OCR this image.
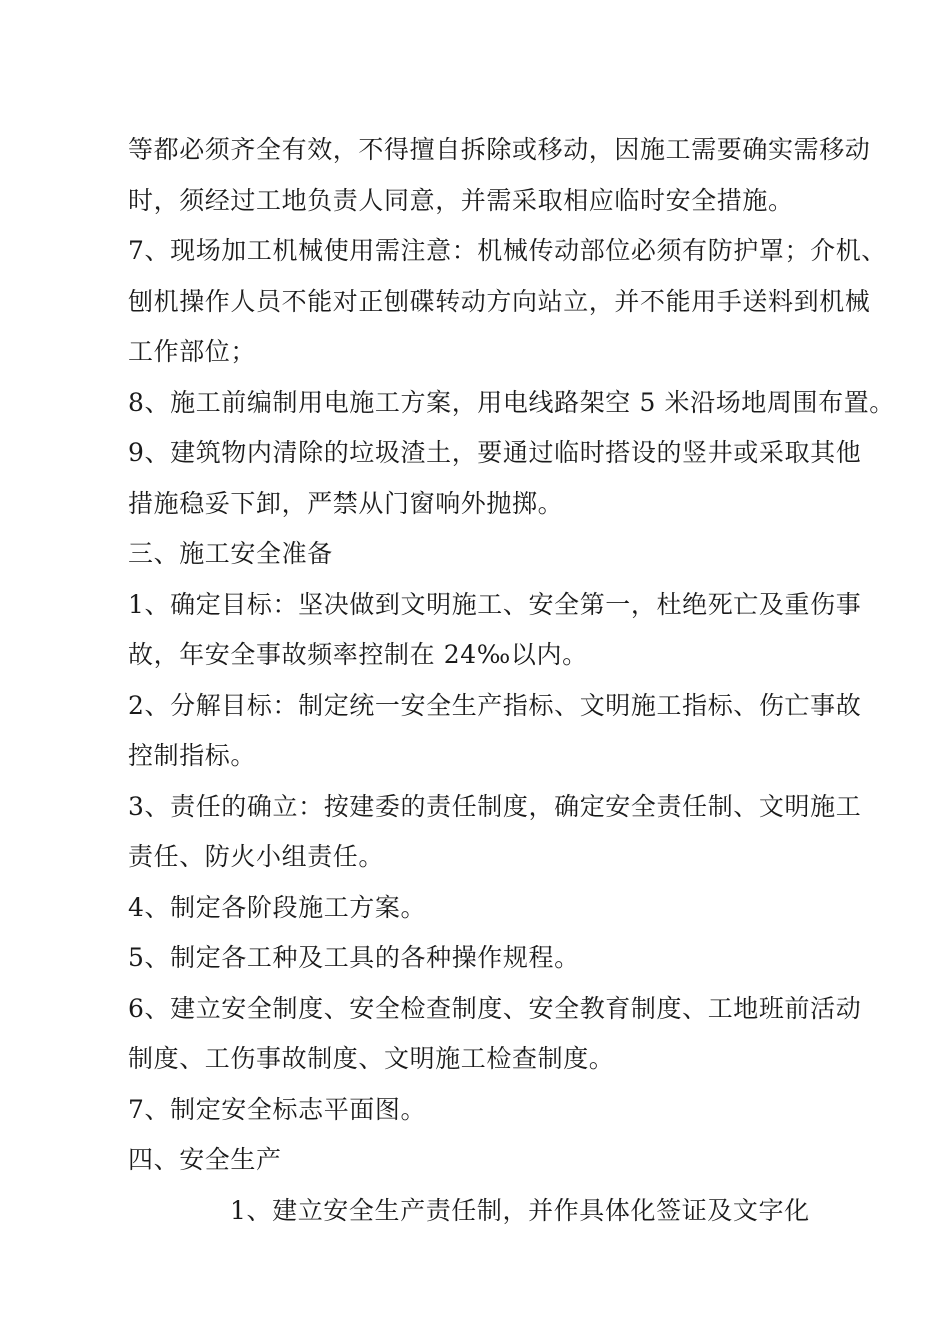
等都必须齐全有效，不得擅自拆除或移动，因施工需要确实需移动
时，须经过工地负责人同意，并需采取相应临时安全措施。
7、现场加工机械使用需注意：机械传动部位必须有防护罩；介机、
刨机操作人员不能对正刨碟转动方向站立，并不能用手送料到机械
工作部位；
8、施工前编制用电施工方案，用电线路架空 5 米沿场地周围布置。
9、建筑物内清除的垃圾渣土，要通过临时搭设的竖井或采取其他
措施稳妥下卸，严禁从门窗响外抛掷。
三、施工安全准备
1、确定目标：坚决做到文明施工、安全第一，杜绝死亡及重伤事
故，年安全事故频率控制在 24‰以内。
2、分解目标：制定统一安全生产指标、文明施工指标、伤亡事故
控制指标。
3、责任的确立：按建委的责任制度，确定安全责任制、文明施工
责任、防火小组责任。
4、制定各阶段施工方案。
5、制定各工种及工具的各种操作规程。
6、建立安全制度、安全检查制度、安全教育制度、工地班前活动
制度、工伤事故制度、文明施工检查制度。
7、制定安全标志平面图。
四、安全生产
1、建立安全生产责任制，并作具体化签证及文字化
